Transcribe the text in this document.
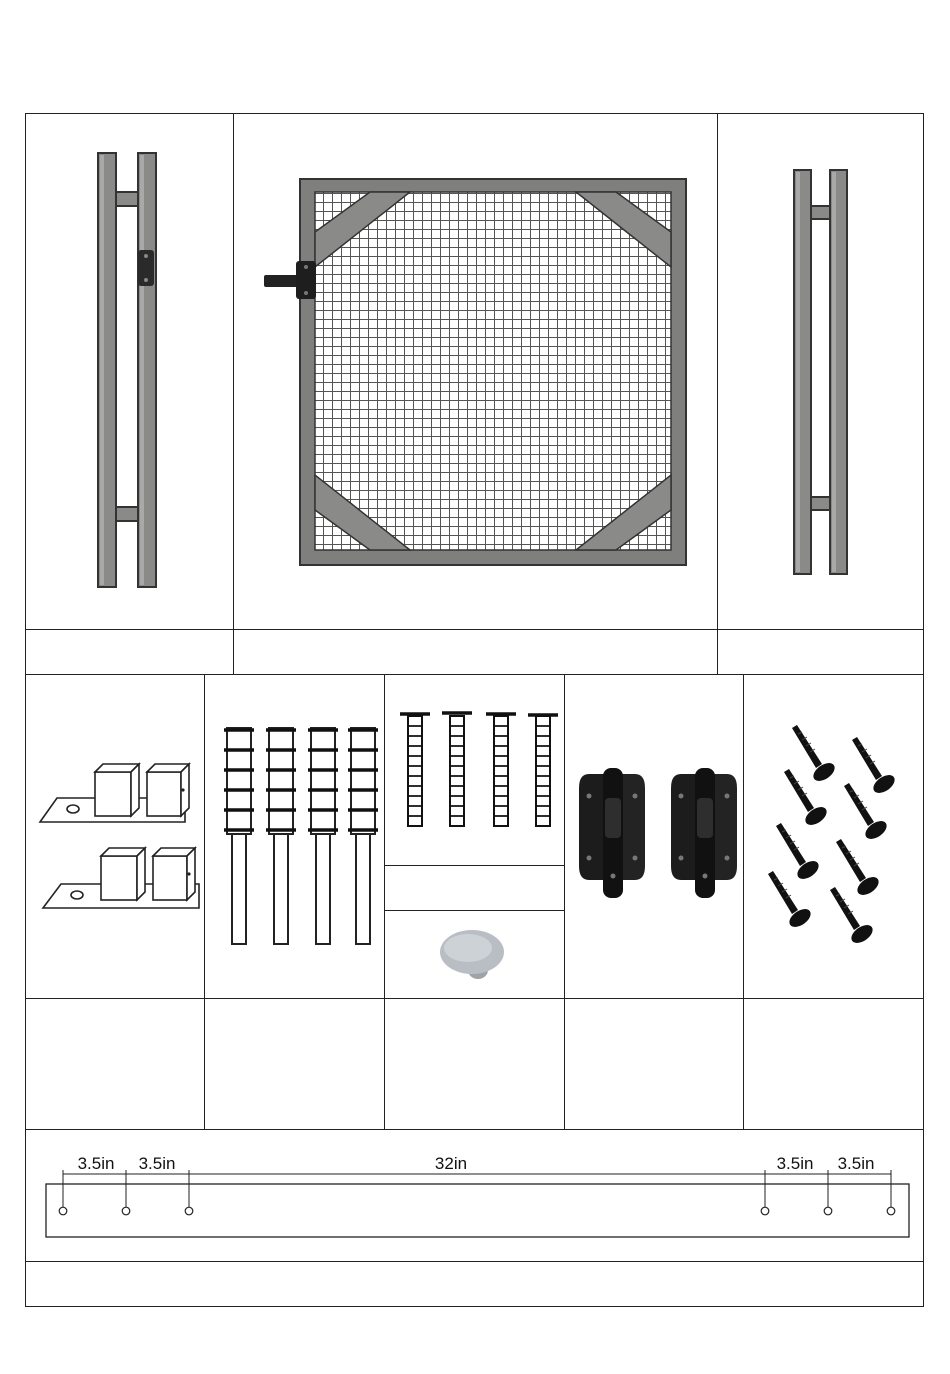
3.5in 3.5in	32in	3.5in 3.5in
